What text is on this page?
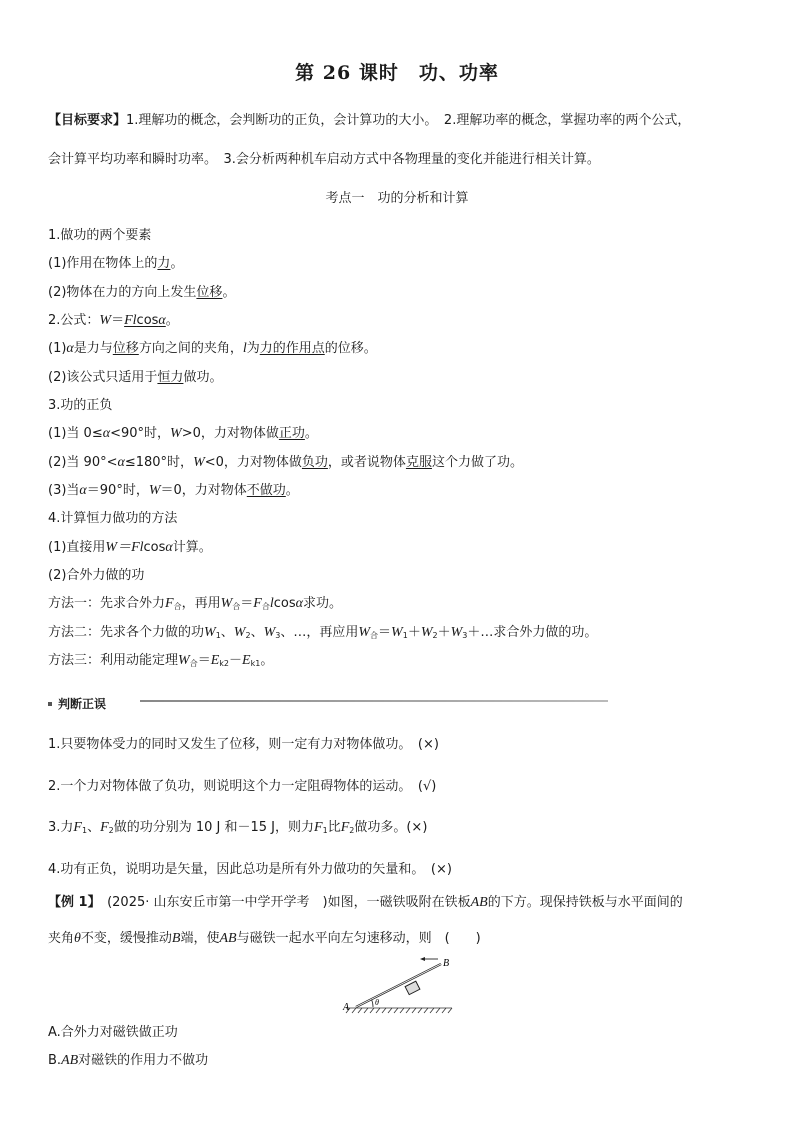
第 26 课时　功、功率
【目标要求】1.理解功的概念，会判断功的正负，会计算功的大小。　2.理解功率的概念，掌握功率的两个公式，
会计算平均功率和瞬时功率。　3.会分析两种机车启动方式中各物理量的变化并能进行相关计算。
考点一　功的分析和计算
1.做功的两个要素
(1)作用在物体上的力。
(2)物体在力的方向上发生位移。
2.公式：W＝Flcosα。
(1)α是力与位移方向之间的夹角，l为力的作用点的位移。
(2)该公式只适用于恒力做功。
3.功的正负
(1)当 0≤α<90°时，W>0，力对物体做正功。
(2)当 90°<α≤180°时，W<0，力对物体做负功，或者说物体克服这个力做了功。
(3)当α＝90°时，W＝0，力对物体不做功。
4.计算恒力做功的方法
(1)直接用W＝Flcosα计算。
(2)合外力做的功
方法一：先求合外力$F_合$，再用$W_合=F_合lcos\alpha$求功。
方法二：先求各个力做的功$W_1$、$W_2$、$W_3$、…，再应用$W_合=W_1+W_2+W_3+\dots$求合外力做的功。
方法三：利用动能定理$W_合=E_{k2}-E_{k1}$。
判断正误
1.只要物体受力的同时又发生了位移，则一定有力对物体做功。　(×)
2.一个力对物体做了负功，则说明这个力一定阻碍物体的运动。　(√)
3.力$F_1$、$F_2$做的功分别为 10 J 和－15 J，则力$F_1$比$F_2$做功多。(×)
4.功有正负，说明功是矢量，因此总功是所有外力做功的矢量和。　(×)
【例 1】　 (2025· 山东安丘市第一中学开学考　)如图，一磁铁吸附在铁板AB的下方。现保持铁板与水平面间的
夹角θ不变，缓慢推动B端，使AB与磁铁一起水平向左匀速移动，则　(　　)
A
B
θ
A.合外力对磁铁做正功
B.AB对磁铁的作用力不做功
